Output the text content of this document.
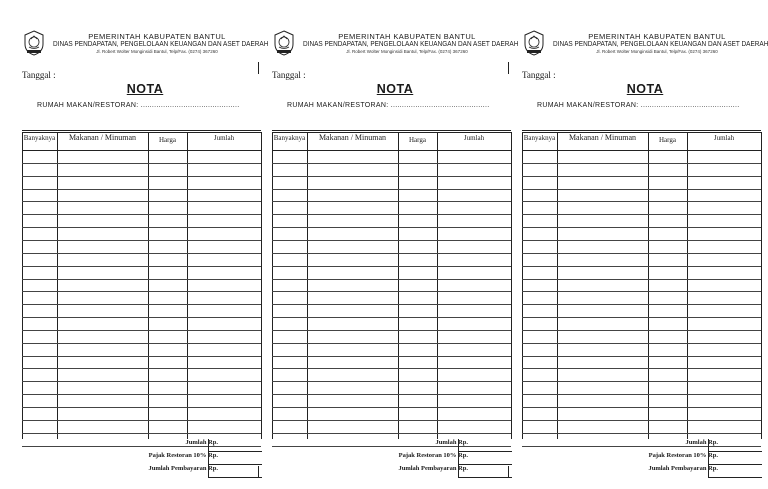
PEMERINTAH KABUPATEN BANTUL
DINAS PENDAPATAN, PENGELOLAAN KEUANGAN DAN ASET DAERAH
Jl. Robert Wolter Monginsidi Bantul, Telp/Fax. (0274) 367260
Tanggal :
NOTA
RUMAH MAKAN/RESTORAN: ............................................
Banyaknya	Makanan / Minuman	Harga	Jumlah
Jumlah Rp.
Pajak Restoran 10% Rp.
Jumlah Pembayaran Rp.
PEMERINTAH KABUPATEN BANTUL
DINAS PENDAPATAN, PENGELOLAAN KEUANGAN DAN ASET DAERAH
Jl. Robert Wolter Monginsidi Bantul, Telp/Fax. (0274) 367260
Tanggal :
NOTA
RUMAH MAKAN/RESTORAN: ............................................
Banyaknya	Makanan / Minuman	Harga	Jumlah
Jumlah Rp.
Pajak Restoran 10% Rp.
Jumlah Pembayaran Rp.
PEMERINTAH KABUPATEN BANTUL
DINAS PENDAPATAN, PENGELOLAAN KEUANGAN DAN ASET DAERAH
Jl. Robert Wolter Monginsidi Bantul, Telp/Fax. (0274) 367260
Tanggal :
NOTA
RUMAH MAKAN/RESTORAN: ............................................
Banyaknya	Makanan / Minuman	Harga	Jumlah
Jumlah Rp.
Pajak Restoran 10% Rp.
Jumlah Pembayaran Rp.
